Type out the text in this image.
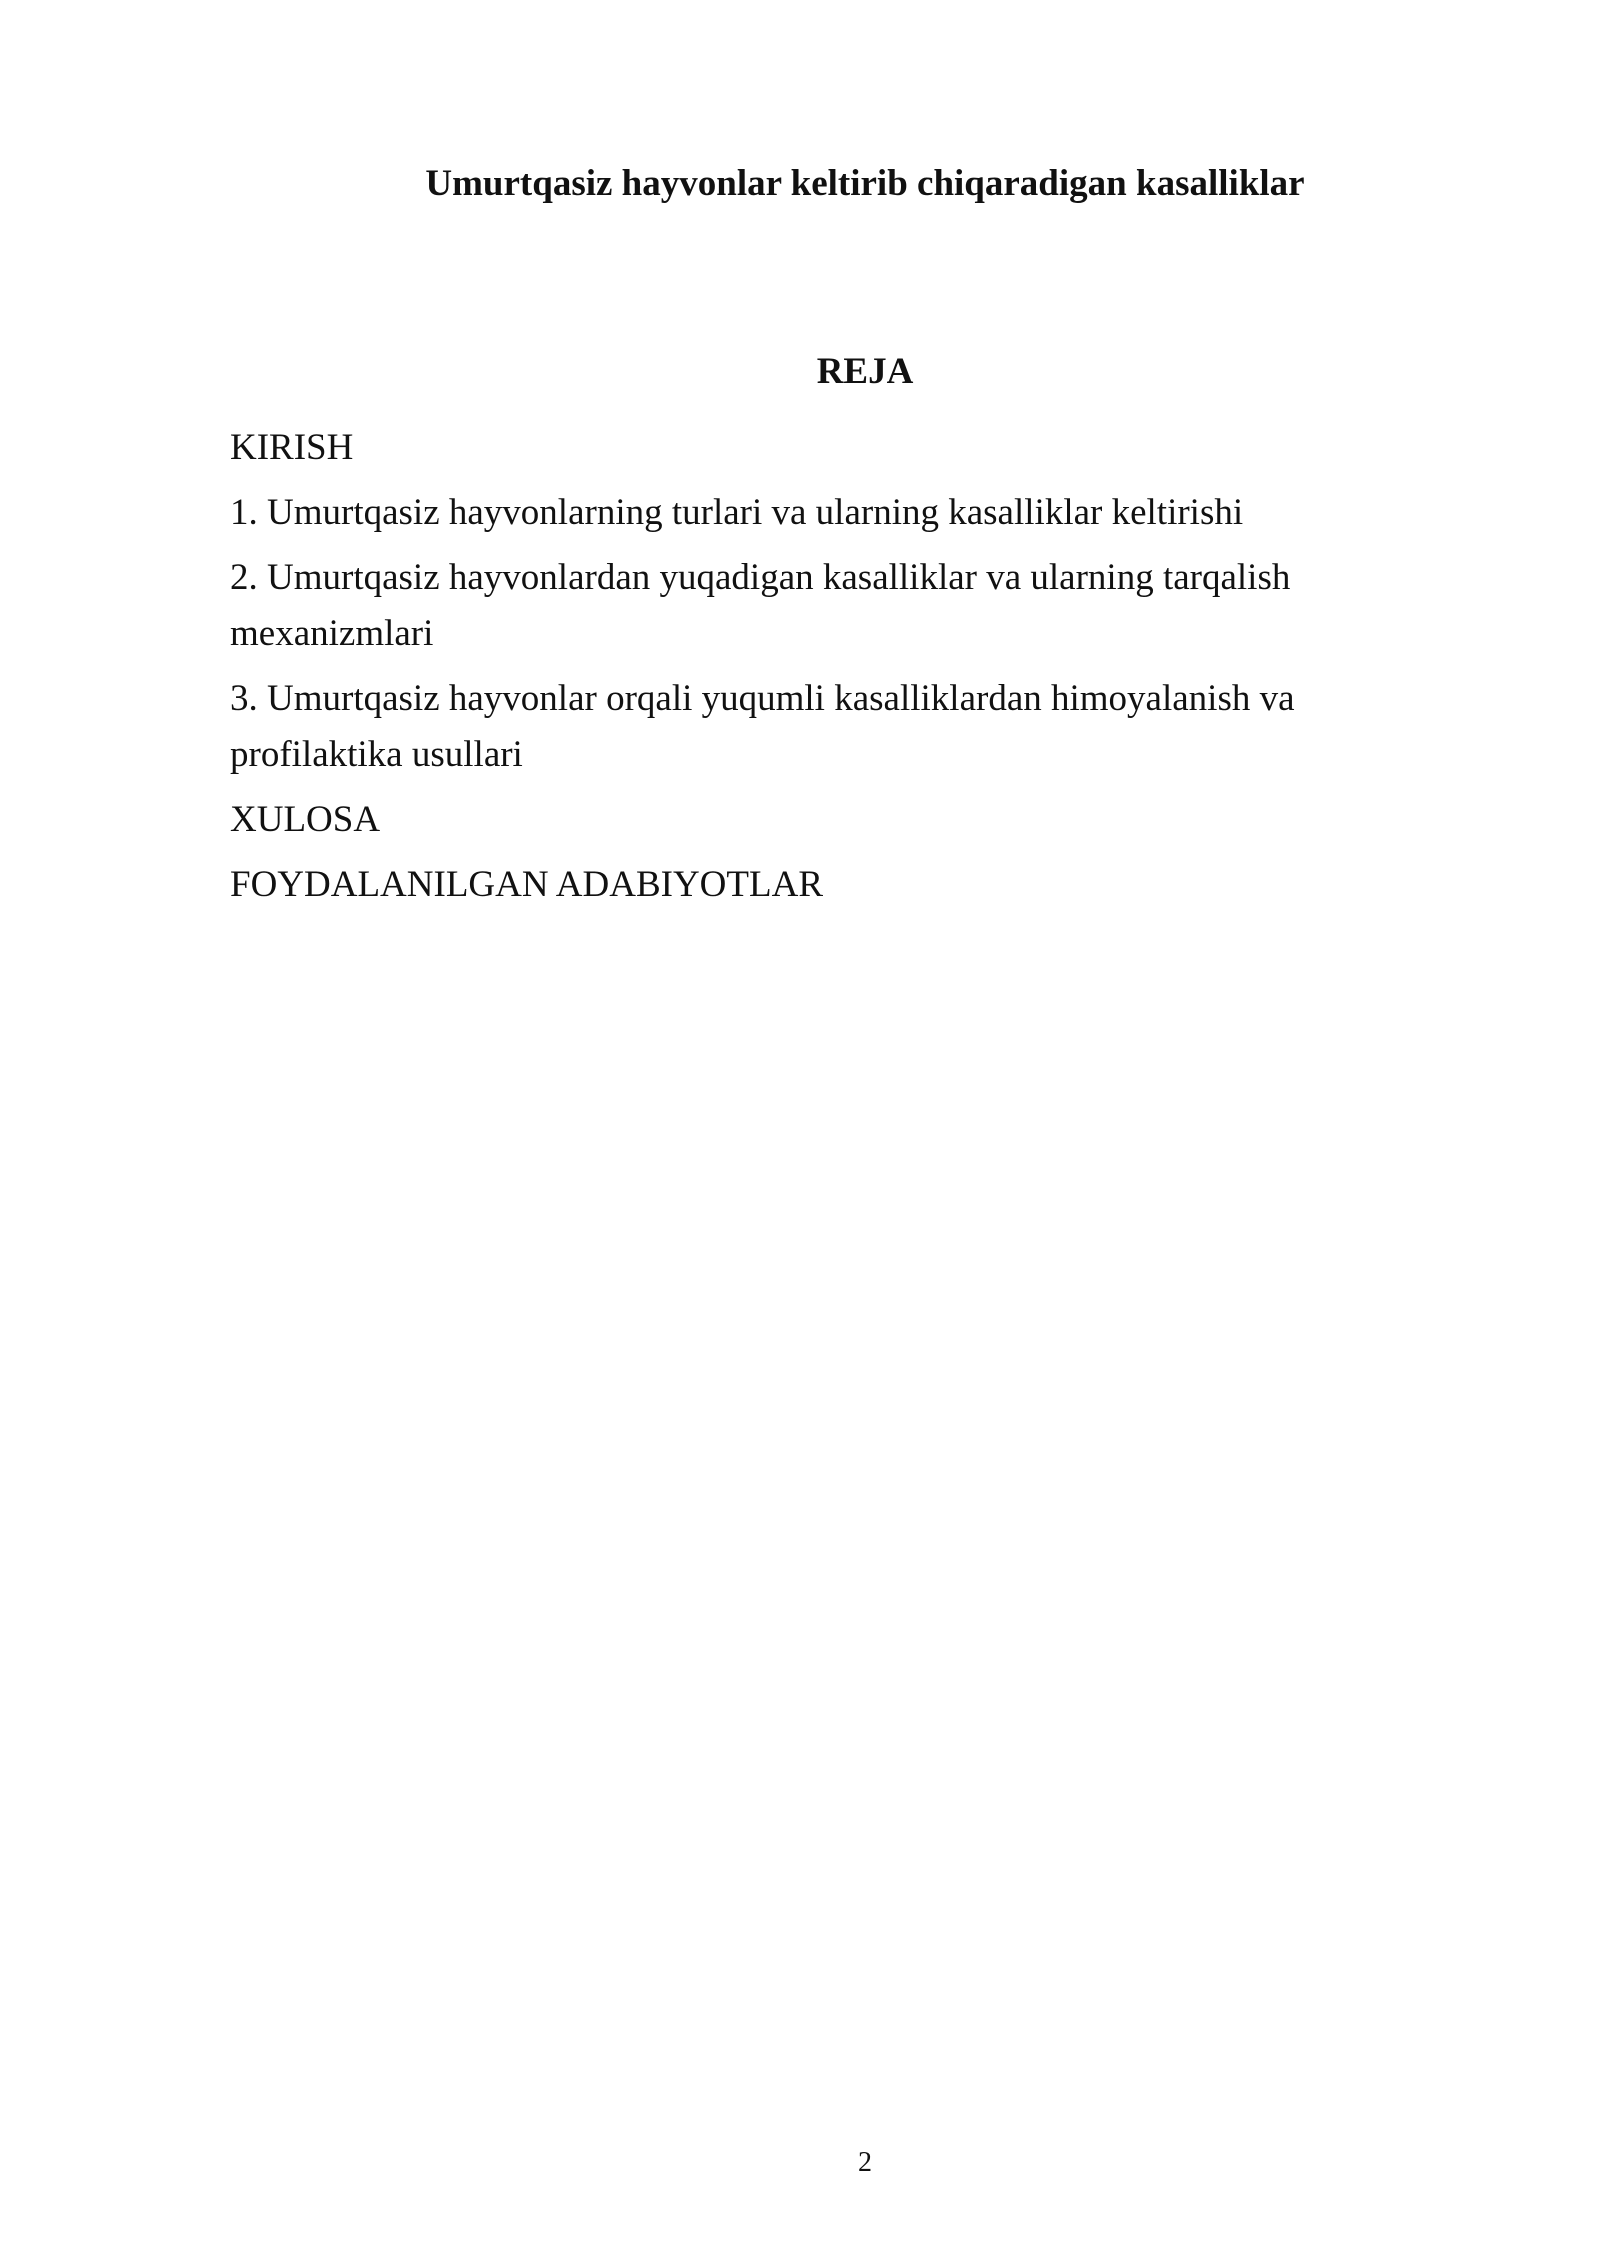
Umurtqasiz hayvonlar keltirib chiqaradigan kasalliklar
REJA
KIRISH
1. Umurtqasiz hayvonlarning turlari va ularning kasalliklar keltirishi
2. Umurtqasiz hayvonlardan yuqadigan kasalliklar va ularning tarqalish mexanizmlari
3. Umurtqasiz hayvonlar orqali yuqumli kasalliklardan himoyalanish va profilaktika usullari
XULOSA
FOYDALANILGAN ADABIYOTLAR
2
